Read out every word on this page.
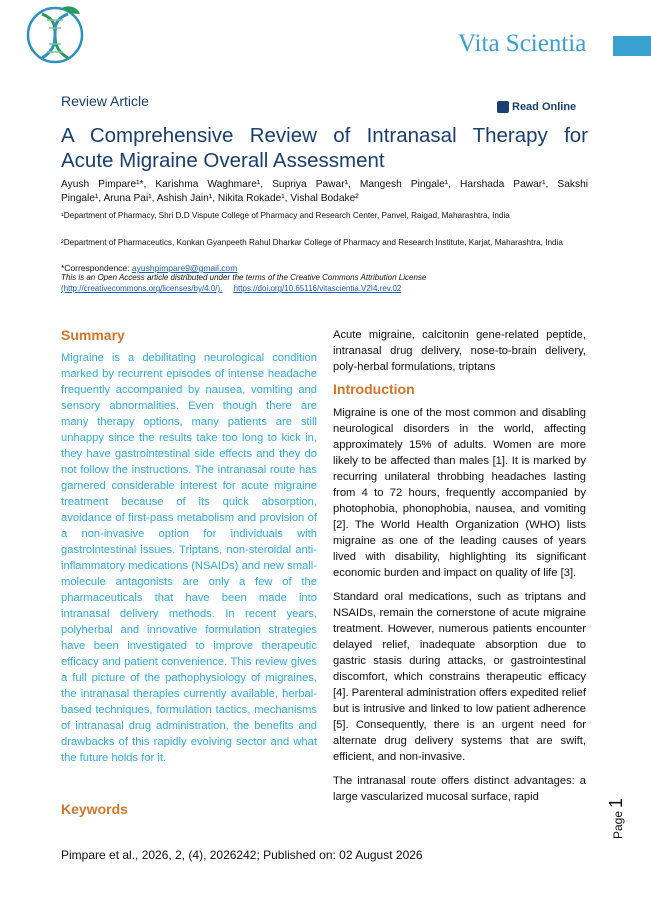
Vita Scientia
Review Article	Read Online
A Comprehensive Review of Intranasal Therapy for
Acute Migraine Overall Assessment
Ayush Pimpare¹*, Karishma Waghmare¹, Supriya Pawar¹, Mangesh Pingale¹, Harshada Pawar¹, Sakshi
Pingale¹, Aruna Pai¹, Ashish Jain¹, Nikita Rokade¹, Vishal Bodake²
¹Department of Pharmacy, Shri D.D Vispute College of Pharmacy and Research Center, Panvel, Raigad, Maharashtra, India
²Department of Pharmaceutics, Konkan Gyanpeeth Rahul Dharkar College of Pharmacy and Research Institute, Karjat, Maharashtra, India
*Correspondence: ayushpimpare9@gmail.com
This is an Open Access article distributed under the terms of the Creative Commons Attribution License
(http://creativecommons.org/licenses/by/4.0/). https://doi.org/10.65116/vitascientia.V2I4.rev.02
Summary
Migraine is a debilitating neurological condition marked by recurrent episodes of intense headache frequently accompanied by nausea, vomiting and sensory abnormalities. Even though there are many therapy options, many patients are still unhappy since the results take too long to kick in, they have gastrointestinal side effects and they do not follow the instructions. The intranasal route has garnered considerable interest for acute migraine treatment because of its quick absorption, avoidance of first-pass metabolism and provision of a non-invasive option for individuals with gastrointestinal issues. Triptans, non-steroidal anti-inflammatory medications (NSAIDs) and new small-molecule antagonists are only a few of the pharmaceuticals that have been made into intranasal delivery methods. In recent years, polyherbal and innovative formulation strategies have been investigated to improve therapeutic efficacy and patient convenience. This review gives a full picture of the pathophysiology of migraines, the intranasal therapies currently available, herbal-based techniques, formulation tactics, mechanisms of intranasal drug administration, the benefits and drawbacks of this rapidly evolving sector and what the future holds for it.
Keywords
Acute migraine, calcitonin gene-related peptide, intranasal drug delivery, nose-to-brain delivery, poly-herbal formulations, triptans
Introduction

Migraine is one of the most common and disabling neurological disorders in the world, affecting approximately 15% of adults. Women are more likely to be affected than males [1]. It is marked by recurring unilateral throbbing headaches lasting from 4 to 72 hours, frequently accompanied by photophobia, phonophobia, nausea, and vomiting [2]. The World Health Organization (WHO) lists migraine as one of the leading causes of years lived with disability, highlighting its significant economic burden and impact on quality of life [3].

Standard oral medications, such as triptans and NSAIDs, remain the cornerstone of acute migraine treatment. However, numerous patients encounter delayed relief, inadequate absorption due to gastric stasis during attacks, or gastrointestinal discomfort, which constrains therapeutic efficacy [4]. Parenteral administration offers expedited relief but is intrusive and linked to low patient adherence [5]. Consequently, there is an urgent need for alternate drug delivery systems that are swift, efficient, and non-invasive.

The intranasal route offers distinct advantages: a large vascularized mucosal surface, rapid

Page1
Pimpare et al., 2026, 2, (4), 2026242; Published on: 02 August 2026
